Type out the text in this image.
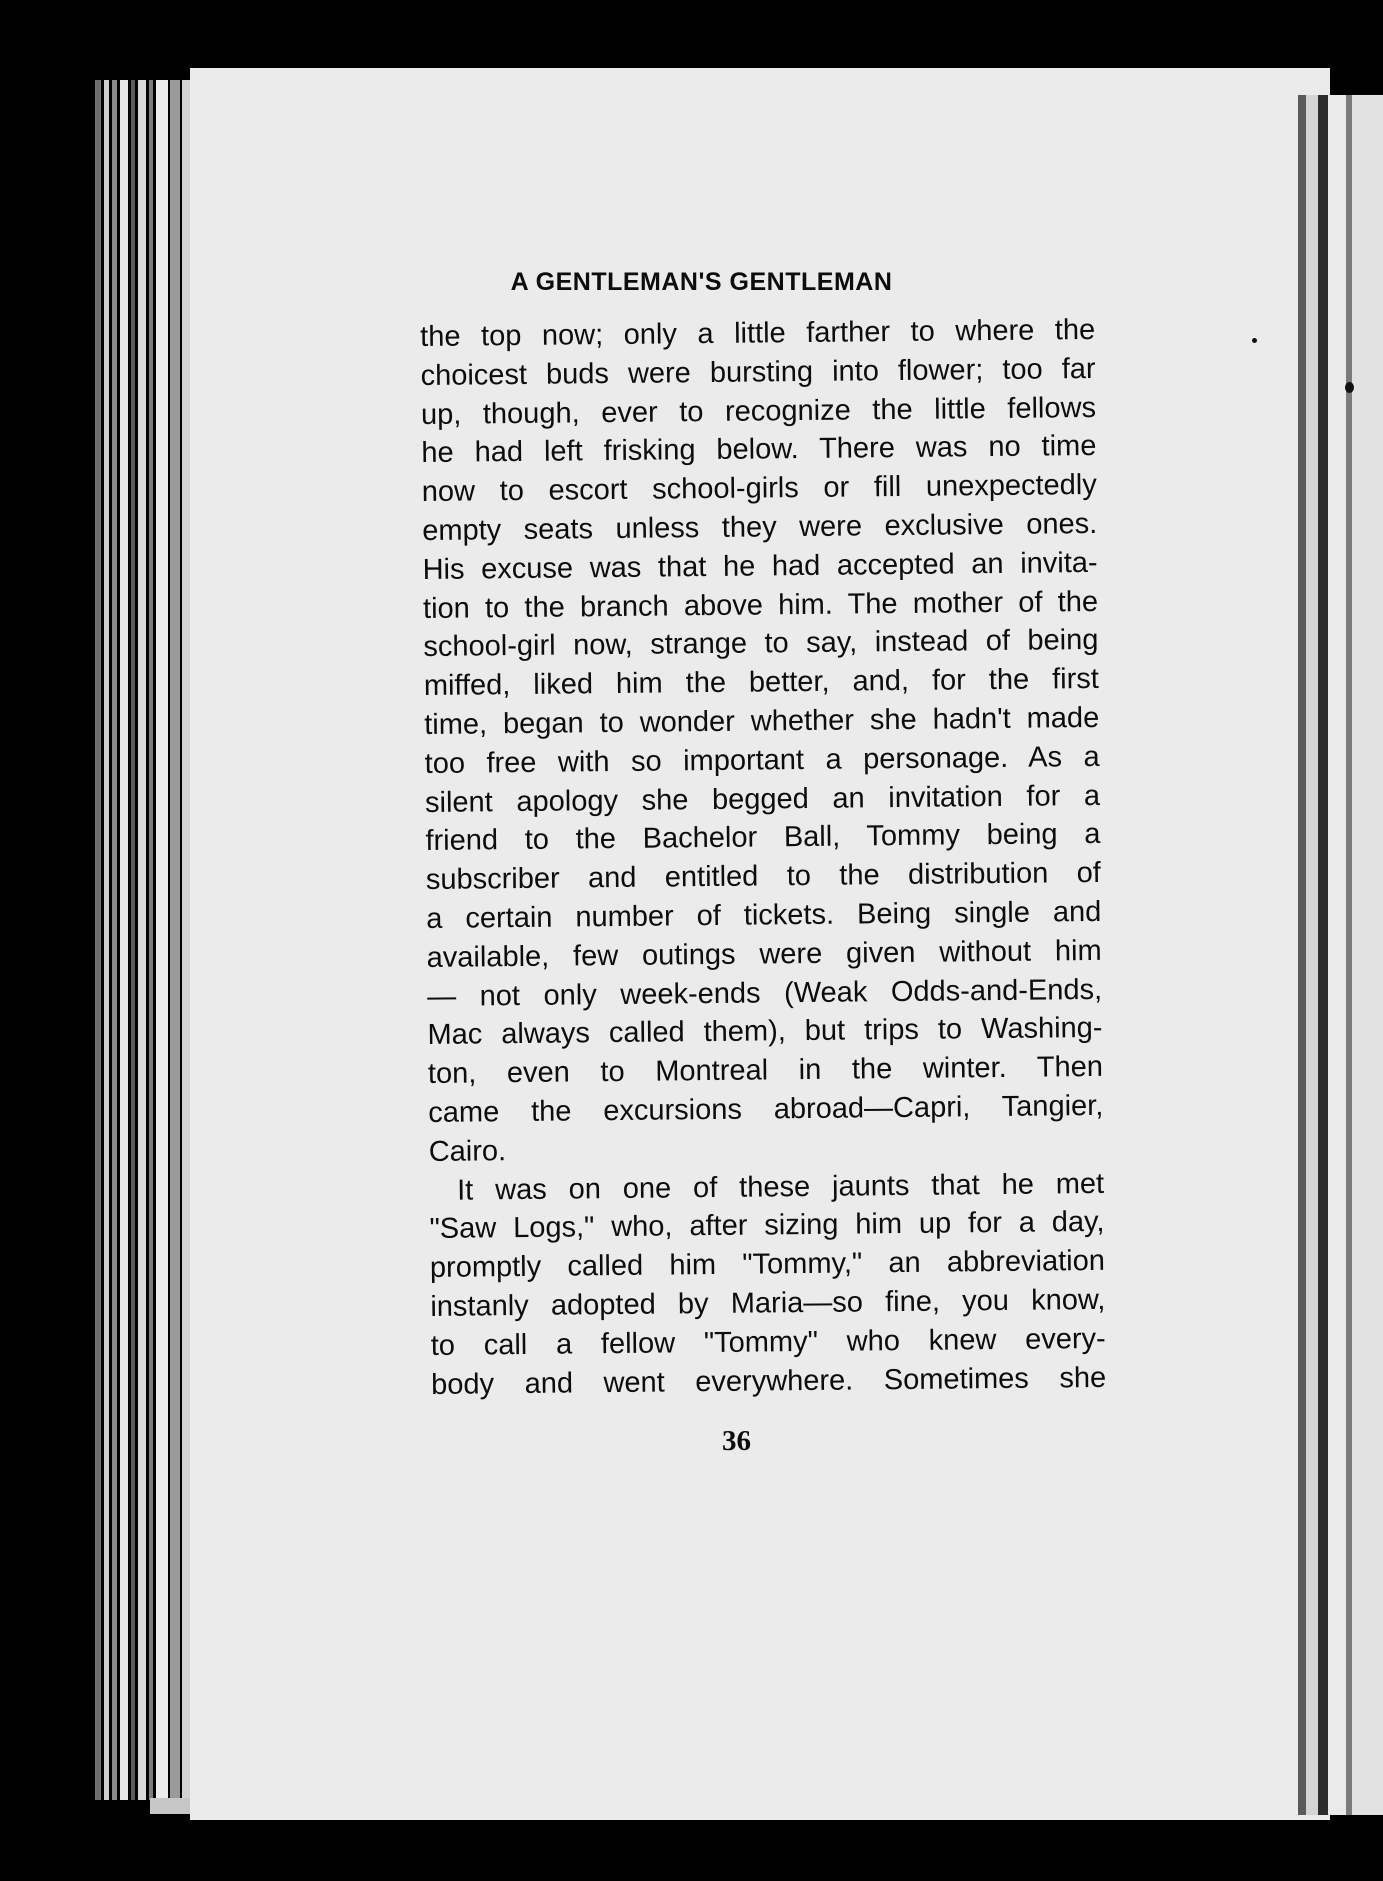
A GENTLEMAN'S GENTLEMAN
the top now; only a little farther to where the
choicest buds were bursting into flower; too far
up, though, ever to recognize the little fellows
he had left frisking below. There was no time
now to escort school-girls or fill unexpectedly
empty seats unless they were exclusive ones.
His excuse was that he had accepted an invita-
tion to the branch above him. The mother of the
school-girl now, strange to say, instead of being
miffed, liked him the better, and, for the first
time, began to wonder whether she hadn't made
too free with so important a personage. As a
silent apology she begged an invitation for a
friend to the Bachelor Ball, Tommy being a
subscriber and entitled to the distribution of
a certain number of tickets. Being single and
available, few outings were given without him
— not only week-ends (Weak Odds-and-Ends,
Mac always called them), but trips to Washing-
ton, even to Montreal in the winter. Then
came the excursions abroad—Capri, Tangier,
Cairo.
It was on one of these jaunts that he met
"Saw Logs," who, after sizing him up for a day,
promptly called him "Tommy," an abbreviation
instanly adopted by Maria—so fine, you know,
to call a fellow "Tommy" who knew every-
body and went everywhere. Sometimes she
36
